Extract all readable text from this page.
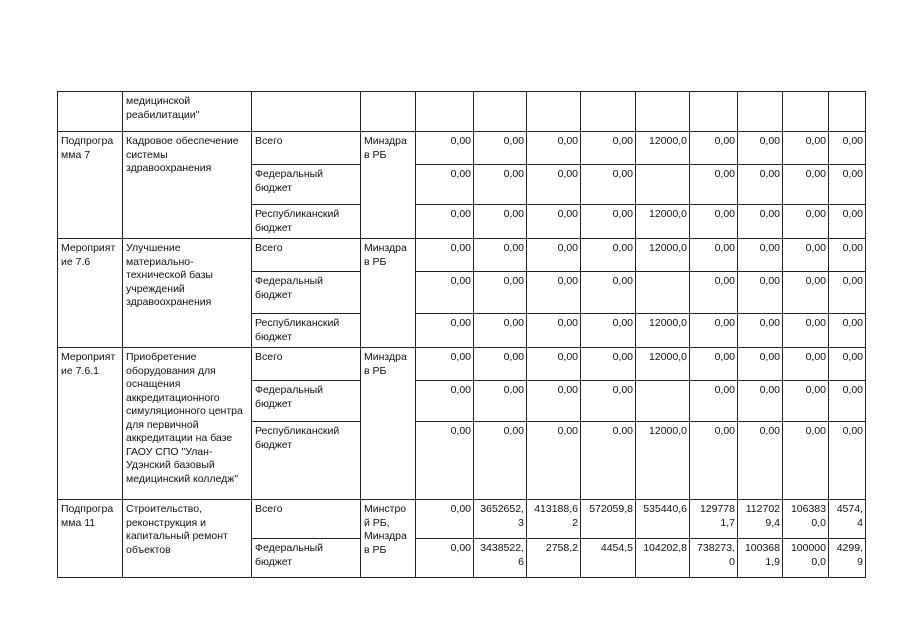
	медицинской реабилитации"											
Подпрогра мма 7	Кадровое обеспечение системы здравоохранения	Всего	Минздра в РБ	0,00	0,00	0,00	0,00	12000,0	0,00	0,00	0,00	0,00
		Федеральный бюджет		0,00	0,00	0,00	0,00		0,00	0,00	0,00	0,00
		Республиканский бюджет		0,00	0,00	0,00	0,00	12000,0	0,00	0,00	0,00	0,00
Мероприят ие 7.6	Улучшение материально-технической базы учреждений здравоохранения	Всего	Минздра в РБ	0,00	0,00	0,00	0,00	12000,0	0,00	0,00	0,00	0,00
		Федеральный бюджет		0,00	0,00	0,00	0,00		0,00	0,00	0,00	0,00
		Республиканский бюджет		0,00	0,00	0,00	0,00	12000,0	0,00	0,00	0,00	0,00
Мероприят ие 7.6.1	Приобретение оборудования для оснащения аккредитационного симуляционного центра для первичной аккредитации на базе ГАОУ СПО "Улан-Удэнский базовый медицинский колледж"	Всего	Минздра в РБ	0,00	0,00	0,00	0,00	12000,0	0,00	0,00	0,00	0,00
		Федеральный бюджет		0,00	0,00	0,00	0,00		0,00	0,00	0,00	0,00
		Республиканский бюджет		0,00	0,00	0,00	0,00	12000,0	0,00	0,00	0,00	0,00
Подпрогра мма 11	Строительство, реконструкция и капитальный ремонт объектов	Всего	Минстро й РБ, Минздра в РБ	0,00	3652652, 3	413188,6 2	572059,8	535440,6	129778 1,7	112702 9,4	106383 0,0	4574, 4
		Федеральный бюджет		0,00	3438522, 6	2758,2	4454,5	104202,8	738273, 0	100368 1,9	100000 0,0	4299, 9
